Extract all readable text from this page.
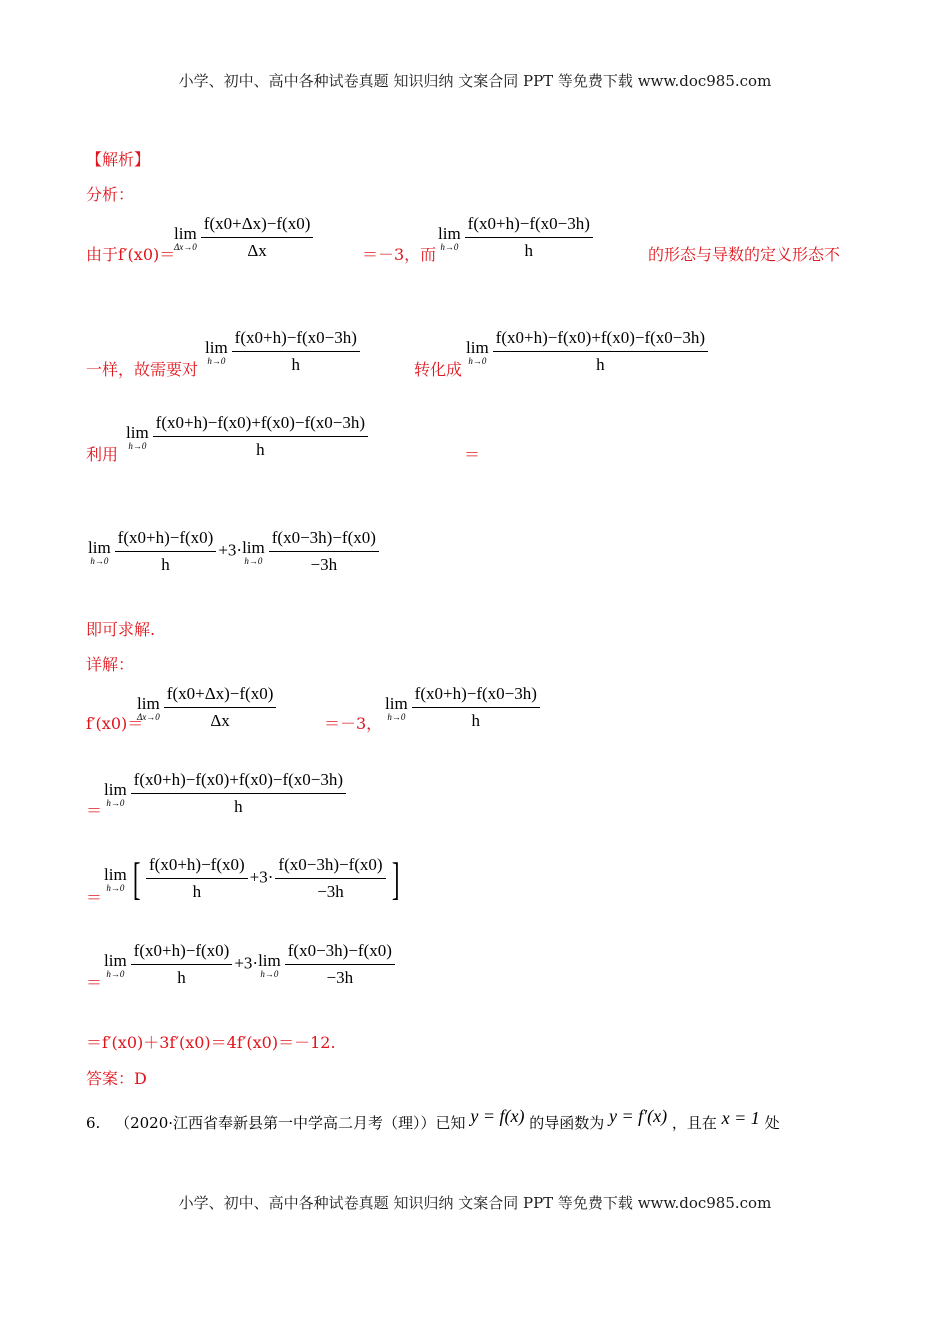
小学、初中、高中各种试卷真题 知识归纳 文案合同 PPT 等免费下载 www.doc985.com
【解析】
分析：
由于f′(x0)＝
lim
$\Delta x\to 0 \frac{f(x0+\Delta x)-f(x0)}{\Delta x}$	＝－3，而
lim
$h\to 0 \frac{f(x0+h)-f(x0-3h)}{h}$	的形态与导数的定义形态不
一样，故需要对
lim
$h\to 0 \frac{f(x0+h)-f(x0-3h)}{h}$	转化成
lim
$h\to 0 \frac{f(x0+h)-f(x0)+f(x0)-f(x0-3h)}{h}$
利用
lim
$h\to 0 \frac{f(x0+h)-f(x0)+f(x0)-f(x0-3h)}{h}$	＝
lim
$h\to 0 \frac{f(x0+h)-f(x0)}{h} +3\cdot \lim$
$h\to 0 \frac{f(x0-3h)-f(x0)}{-3h}$
即可求解.
详解：
f′(x0)＝
lim
$\Delta x\to 0 \frac{f(x0+\Delta x)-f(x0)}{\Delta x}$	＝－3，
lim
$h\to 0 \frac{f(x0+h)-f(x0-3h)}{h}$
＝
lim
$h\to 0 \frac{f(x0+h)-f(x0)+f(x0)-f(x0-3h)}{h}$
＝
lim
h→0 [ $\frac{f(x0+h)-f(x0)}{h} +3\cdot \frac{f(x0-3h)-f(x0)}{-3h}$ ]
＝
lim
$h\to 0 \frac{f(x0+h)-f(x0)}{h} +3\cdot \lim$
$h\to 0 \frac{f(x0-3h)-f(x0)}{-3h}$
＝f′(x0)＋3f′(x0)＝4f′(x0)＝－12.
答案：D
6. （2020·江西省奉新县第一中学高二月考（理））已知 y = f(x) 的导函数为 y = f′(x) ，且在 x = 1 处
小学、初中、高中各种试卷真题 知识归纳 文案合同 PPT 等免费下载 www.doc985.com
